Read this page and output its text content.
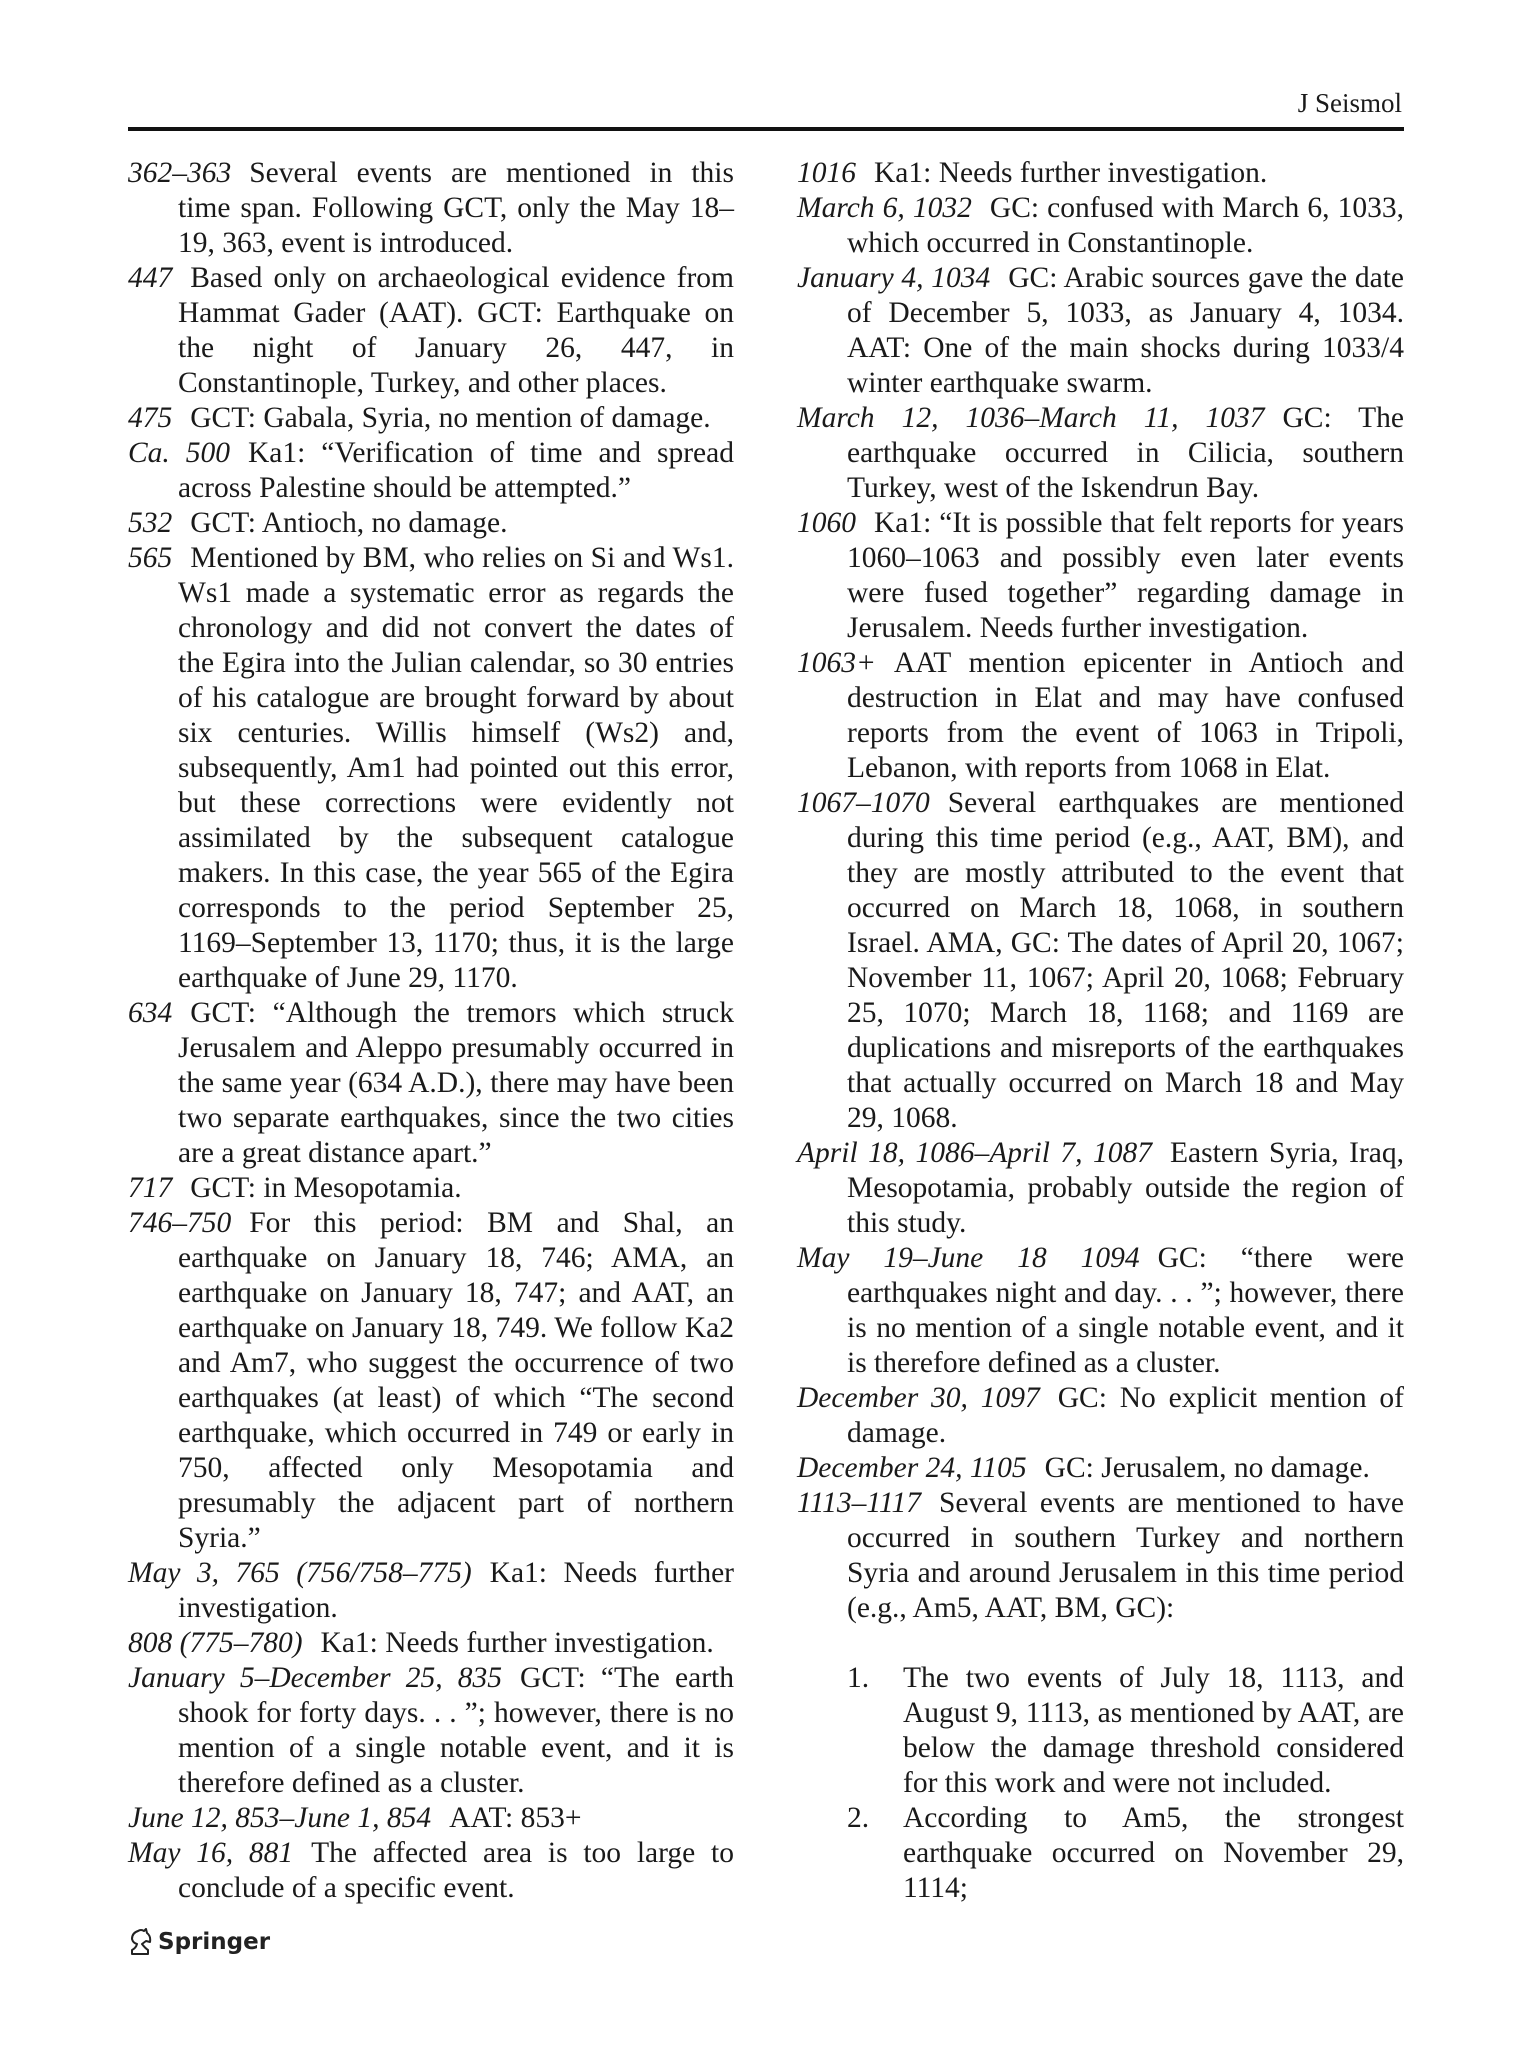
J Seismol

362–363 Several events are mentioned in this time span. Following GCT, only the May 18–19, 363, event is introduced.

447 Based only on archaeological evidence from Hammat Gader (AAT). GCT: Earthquake on the night of January 26, 447, in Constantinople, Turkey, and other places.

475 GCT: Gabala, Syria, no mention of damage.

Ca. 500 Ka1: “Verification of time and spread across Palestine should be attempted.”

532 GCT: Antioch, no damage.

565 Mentioned by BM, who relies on Si and Ws1. Ws1 made a systematic error as regards the chronology and did not convert the dates of the Egira into the Julian calendar, so 30 entries of his catalogue are brought forward by about six centuries. Willis himself (Ws2) and, subsequently, Am1 had pointed out this error, but these corrections were evidently not assimilated by the subsequent catalogue makers. In this case, the year 565 of the Egira corresponds to the period September 25, 1169–September 13, 1170; thus, it is the large earthquake of June 29, 1170.

634 GCT: “Although the tremors which struck Jerusalem and Aleppo presumably occurred in the same year (634 A.D.), there may have been two separate earthquakes, since the two cities are a great distance apart.”

717 GCT: in Mesopotamia.

746–750 For this period: BM and Shal, an earthquake on January 18, 746; AMA, an earthquake on January 18, 747; and AAT, an earthquake on January 18, 749. We follow Ka2 and Am7, who suggest the occurrence of two earthquakes (at least) of which “The second earthquake, which occurred in 749 or early in 750, affected only Mesopotamia and presumably the adjacent part of northern Syria.”

May 3, 765 (756/758–775) Ka1: Needs further investigation.

808 (775–780) Ka1: Needs further investigation.

January 5–December 25, 835 GCT: “The earth shook for forty days. . . ”; however, there is no mention of a single notable event, and it is therefore defined as a cluster.

June 12, 853–June 1, 854 AAT: 853+

May 16, 881 The affected area is too large to conclude of a specific event.

1016 Ka1: Needs further investigation.

March 6, 1032 GC: confused with March 6, 1033, which occurred in Constantinople.

January 4, 1034 GC: Arabic sources gave the date of December 5, 1033, as January 4, 1034. AAT: One of the main shocks during 1033/4 winter earthquake swarm.

March 12, 1036–March 11, 1037 GC: The earthquake occurred in Cilicia, southern Turkey, west of the Iskendrun Bay.

1060 Ka1: “It is possible that felt reports for years 1060–1063 and possibly even later events were fused together” regarding damage in Jerusalem. Needs further investigation.

1063+ AAT mention epicenter in Antioch and destruction in Elat and may have confused reports from the event of 1063 in Tripoli, Lebanon, with reports from 1068 in Elat.

1067–1070 Several earthquakes are mentioned during this time period (e.g., AAT, BM), and they are mostly attributed to the event that occurred on March 18, 1068, in southern Israel. AMA, GC: The dates of April 20, 1067; November 11, 1067; April 20, 1068; February 25, 1070; March 18, 1168; and 1169 are duplications and misreports of the earthquakes that actually occurred on March 18 and May 29, 1068.

April 18, 1086–April 7, 1087 Eastern Syria, Iraq, Mesopotamia, probably outside the region of this study.

May 19–June 18 1094 GC: “there were earthquakes night and day. . . ”; however, there is no mention of a single notable event, and it is therefore defined as a cluster.

December 30, 1097 GC: No explicit mention of damage.

December 24, 1105 GC: Jerusalem, no damage.

1113–1117 Several events are mentioned to have occurred in southern Turkey and northern Syria and around Jerusalem in this time period (e.g., Am5, AAT, BM, GC):

1. The two events of July 18, 1113, and August 9, 1113, as mentioned by AAT, are below the damage threshold considered for this work and were not included.
2. According to Am5, the strongest earthquake occurred on November 29, 1114;
Springer
